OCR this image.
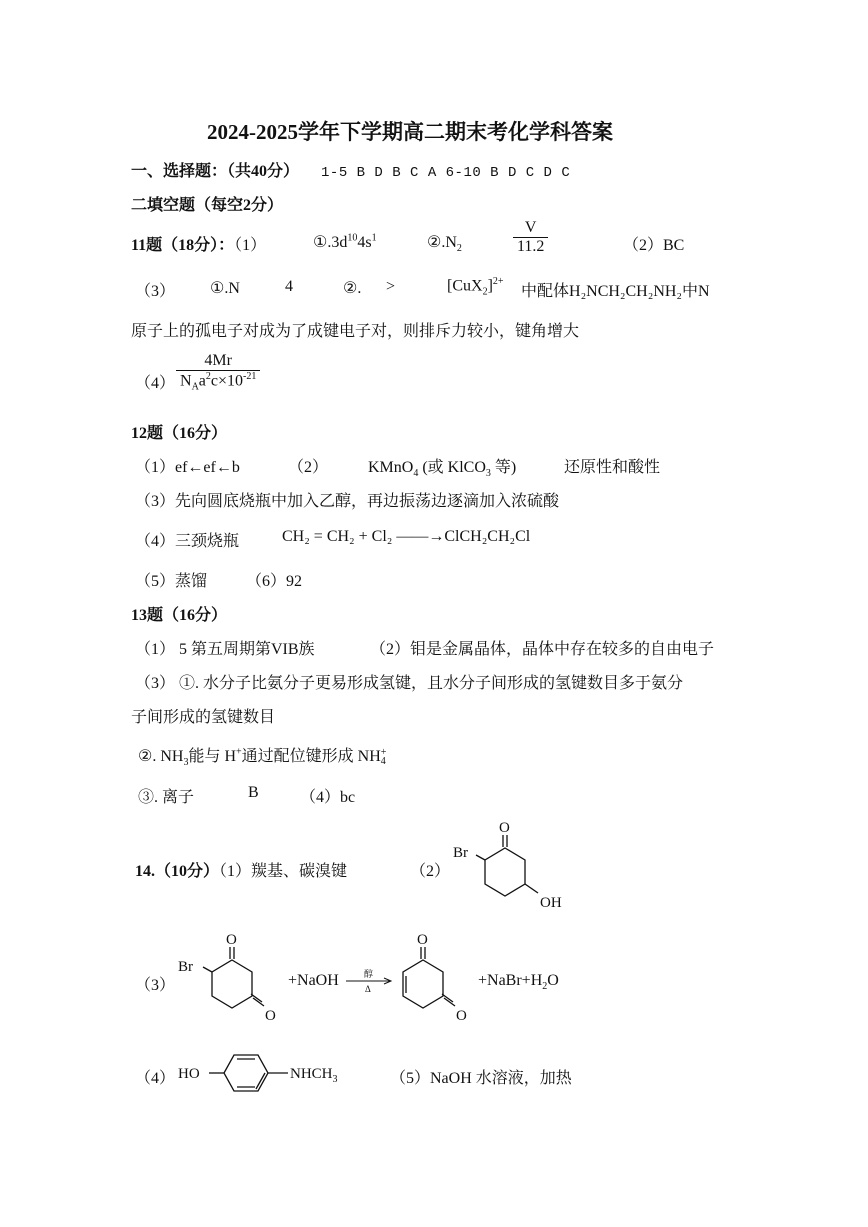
2024-2025学年下学期高二期末考化学科答案
一、选择题：（共40分） 1-5 B D B C A 6-10 B D C D C
二填空题（每空2分）
11题（18分）：（1）	$①.3d^{10}4s^1$	$②.N_2$	$\frac{V}{11.2}$	（2）BC
（3） ①.N	4	②. >	$[CuX_2]^{2+}$
中配体H₂NCH₂CH₂NH₂中N
原子上的孤电子对成为了成键电子对，则排斥力较小，键角增大
$(4) \frac{4Mr}{N_Aa^2c\times 10^{-21}}$
12题（16分）
（1）ef←ef←b	（2） KMnO$_4$ (或 KlCO$_3$ 等)	还原性和酸性
（3）先向圆底烧瓶中加入乙醇，再边振荡边逐滴加入浓硫酸
（4）三颈烧瓶	CH₂ = CH₂ + Cl₂ ——→ClCH₂CH₂Cl
（5）蒸馏 （6）92
13题（16分）
（1） 5 第五周期第VIB族	（2）钼是金属晶体，晶体中存在较多的自由电子
（3） ①. 水分子比氨分子更易形成氢键，且水分子间形成的氢键数目多于氨分
子间形成的氢键数目
②. $NH_3$能与 H+通过配位键形成 NH +
4
③. 离子	B	（4）bc
14.（10分）（1）羰基、碳溴键	（2）
O
Br
OH
（3）
O
Br
O
+NaOH	醇
Δ
O
O
$+NaBr+H_2O$
（4） HO	$NHCH_3$	（5）NaOH 水溶液，加热
